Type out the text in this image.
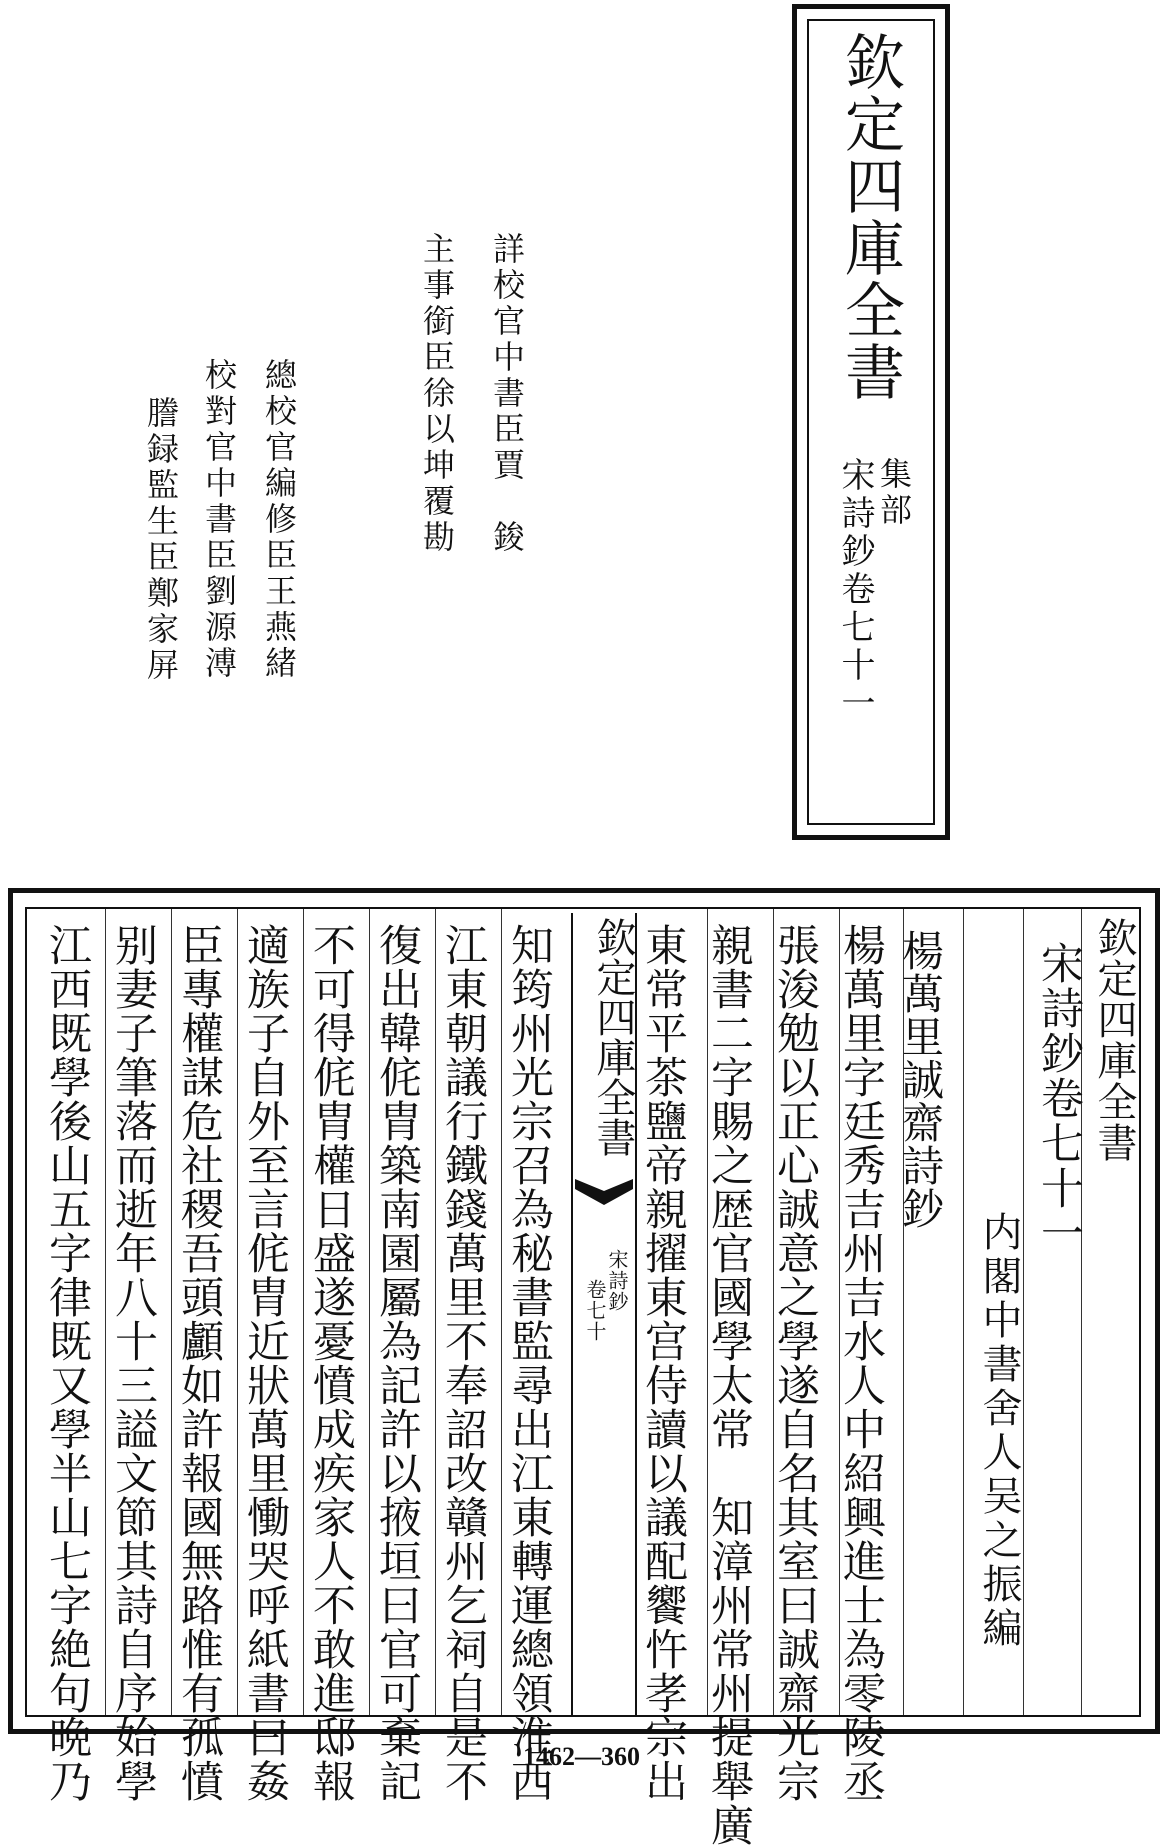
欽定四庫全書
集部
宋詩鈔卷七十一
詳校官中書臣賈　鋑
主事銜臣徐以坤覆勘
總校官編修臣王燕緒
校對官中書臣劉源溥
謄録監生臣鄭家屏
欽定四庫全書
宋詩鈔卷七十一
内閣中書舍人吴之振編
楊萬里誠齋詩鈔
楊萬里字廷秀吉州吉水人中紹興進士為零陵丞
張浚勉以正心誠意之學遂自名其室曰誠齋光宗
親書二字賜之歴官國學太常　知漳州常州提舉廣
東常平茶鹽帝親擢東宫侍讀以議配饗忤孝宗出
欽定四庫全書
宋詩鈔
卷七十
知筠州光宗召為秘書監尋出江東轉運總領淮西
江東朝議行鐵錢萬里不奉詔改贛州乞祠自是不
復出韓侂胄築南園屬為記許以掖垣曰官可棄記
不可得侂胄權日盛遂憂憤成疾家人不敢進邸報
適族子自外至言侂胄近狀萬里慟哭呼紙書曰姦
臣專權謀危社稷吾頭顱如許報國無路惟有孤憤
别妻子筆落而逝年八十三謚文節其詩自序始學
江西既學後山五字律既又學半山七字絶句晩乃	1462—360
